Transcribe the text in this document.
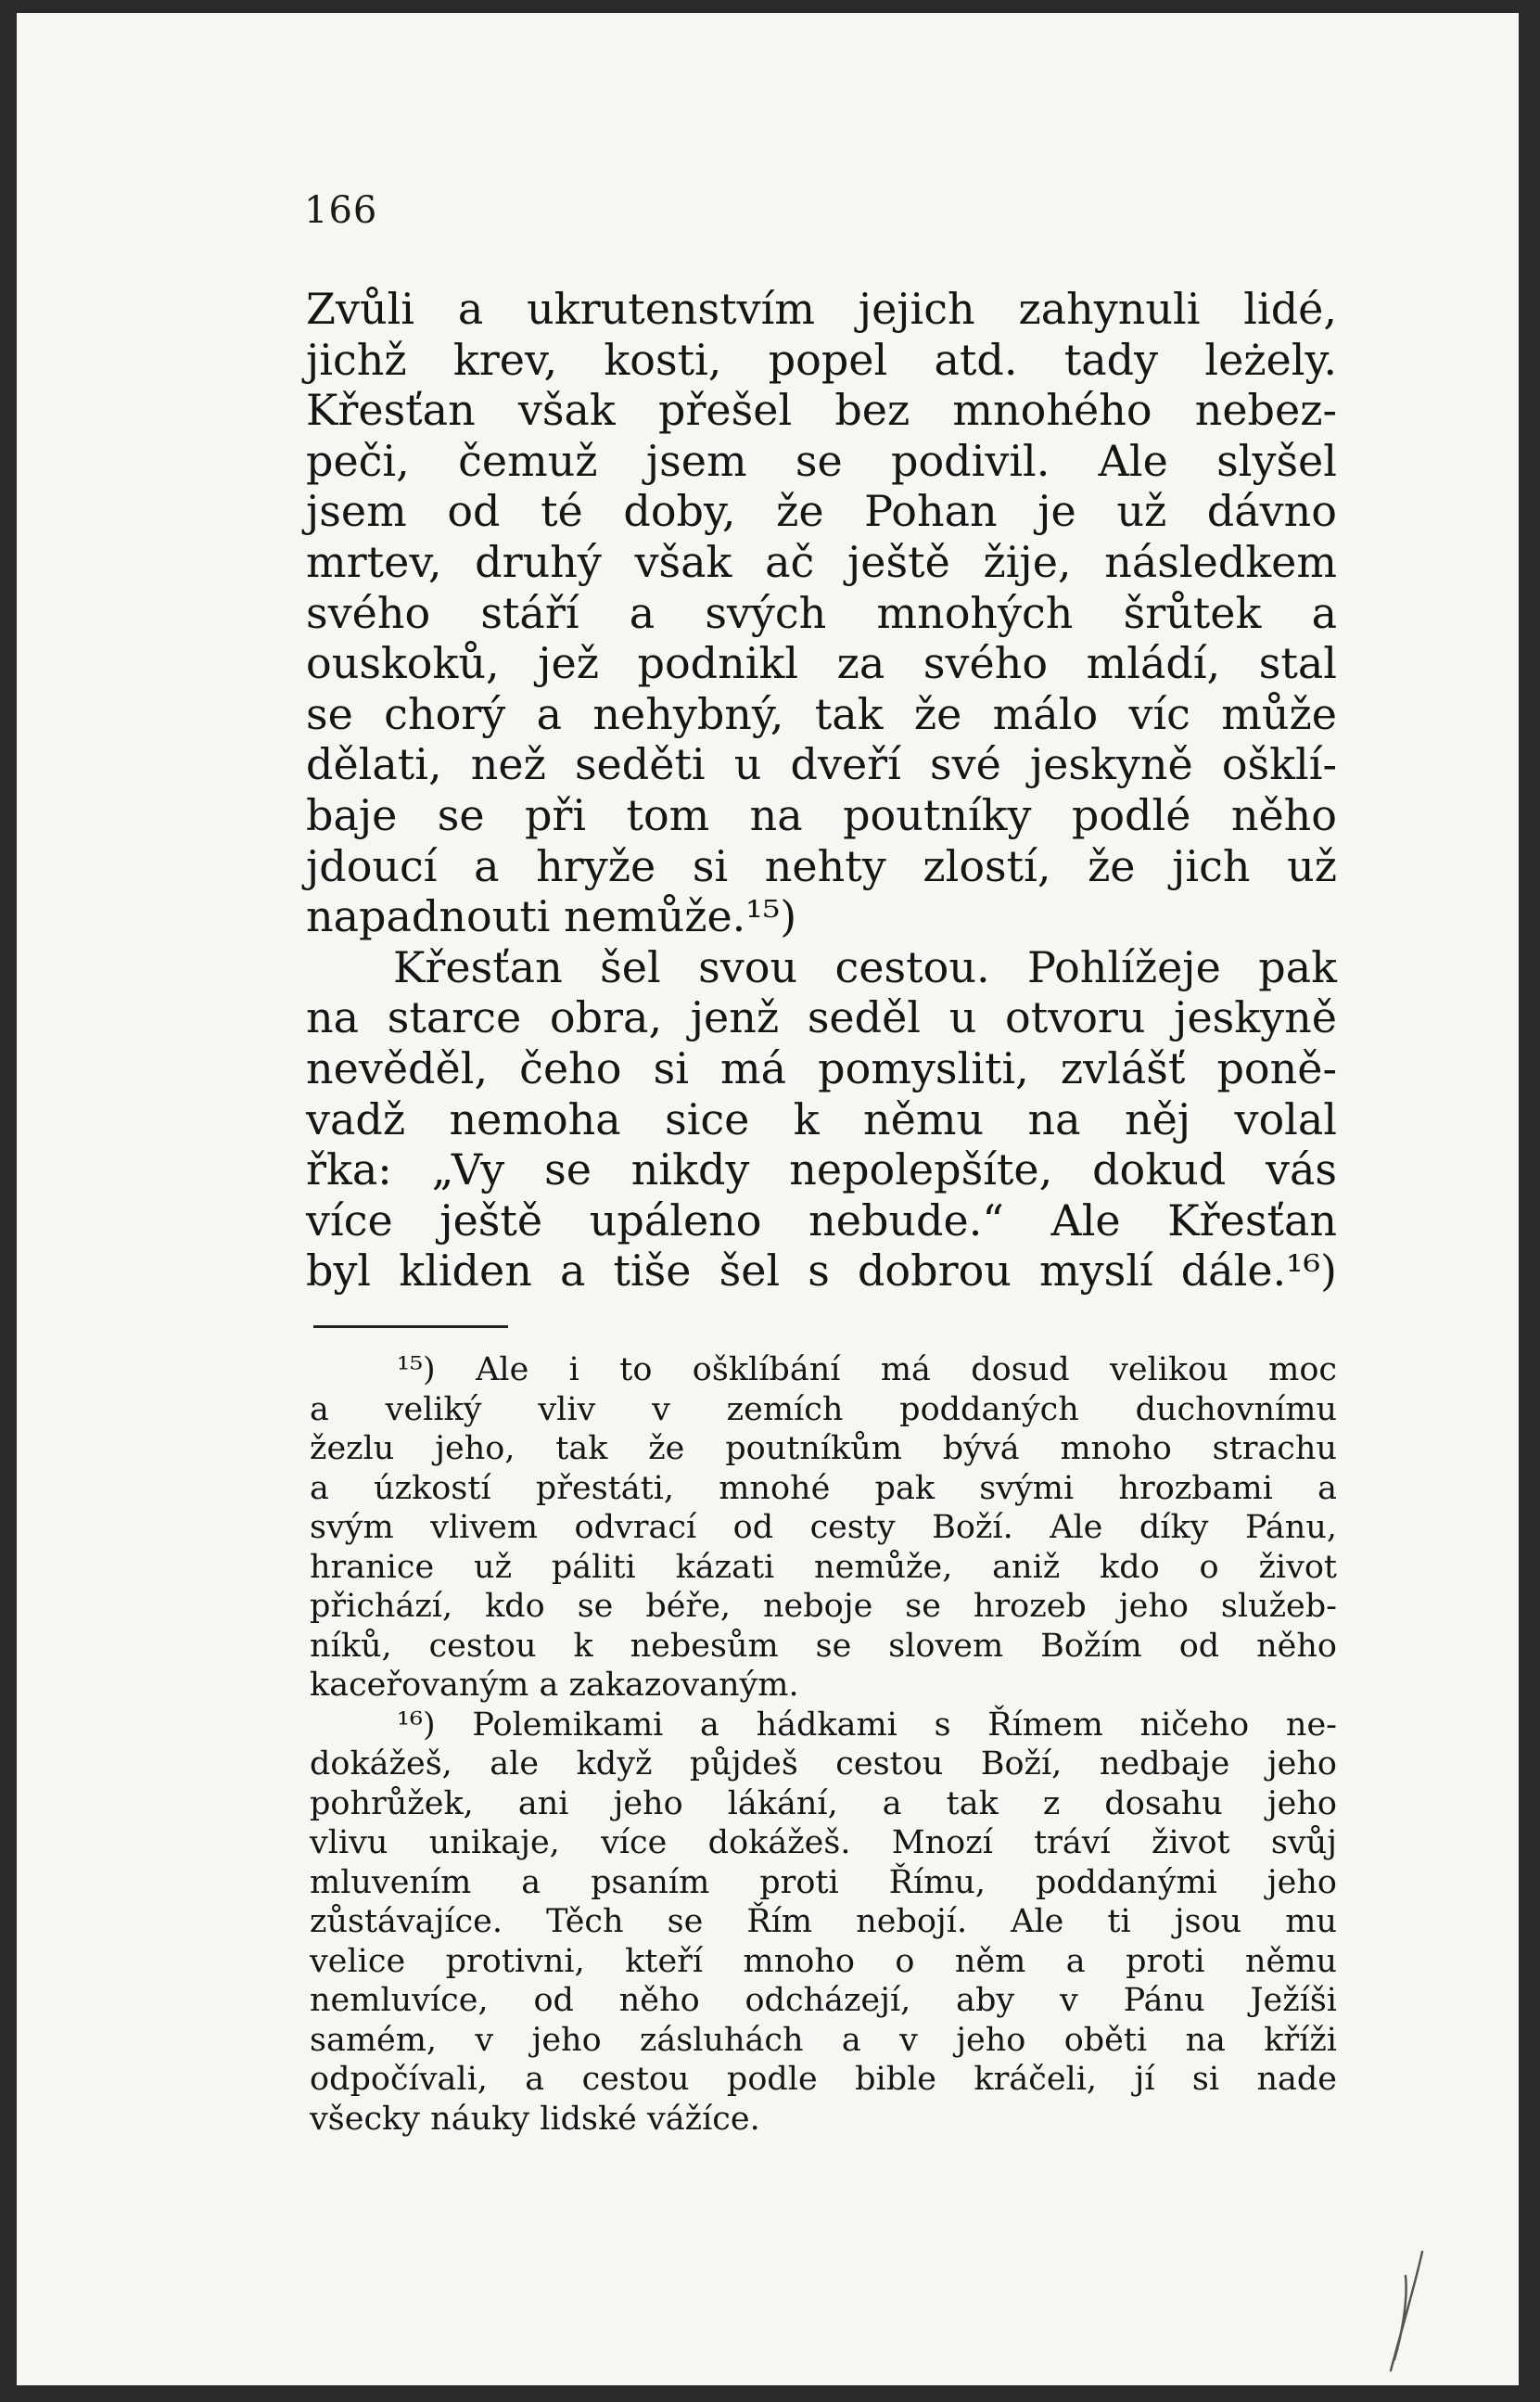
166
Zvůli a ukrutenstvím jejich zahynuli lidé,
jichž krev, kosti, popel atd. tady leżely.
Křesťan však přešel bez mnohého nebez-
peči, čemuž jsem se podivil. Ale slyšel
jsem od té doby, že Pohan je už dávno
mrtev, druhý však ač ještě žije, následkem
svého stáří a svých mnohých šrůtek a
ouskoků, jež podnikl za svého mládí, stal
se chorý a nehybný, tak že málo víc může
dělati, než seděti u dveří své jeskyně ošklí-
baje se při tom na poutníky podlé něho
jdoucí a hryže si nehty zlostí, že jich už
napadnouti nemůže.¹⁵)
Křesťan šel svou cestou. Pohlížeje pak
na starce obra, jenž seděl u otvoru jeskyně
nevěděl, čeho si má pomysliti, zvlášť poně-
vadž nemoha sice k němu na něj volal
řka: „Vy se nikdy nepolepšíte, dokud vás
více ještě upáleno nebude.“ Ale Křesťan
byl kliden a tiše šel s dobrou myslí dále.¹⁶)
¹⁵) Ale i to ošklíbání má dosud velikou moc
a veliký vliv v zemích poddaných duchovnímu
žezlu jeho, tak že poutníkům bývá mnoho strachu
a úzkostí přestáti, mnohé pak svými hrozbami a
svým vlivem odvrací od cesty Boží. Ale díky Pánu,
hranice už páliti kázati nemůže, aniž kdo o život
přichází, kdo se béře, neboje se hrozeb jeho služeb-
níků, cestou k nebesům se slovem Božím od něho
kaceřovaným a zakazovaným.
¹⁶) Polemikami a hádkami s Římem ničeho ne-
dokážeš, ale když půjdeš cestou Boží, nedbaje jeho
pohrůžek, ani jeho lákání, a tak z dosahu jeho
vlivu unikaje, více dokážeš. Mnozí tráví život svůj
mluvením a psaním proti Římu, poddanými jeho
zůstávajíce. Těch se Řím nebojí. Ale ti jsou mu
velice protivni, kteří mnoho o něm a proti němu
nemluvíce, od něho odcházejí, aby v Pánu Ježíši
samém, v jeho zásluhách a v jeho oběti na kříži
odpočívali, a cestou podle bible kráčeli, jí si nade
všecky náuky lidské vážíce.
